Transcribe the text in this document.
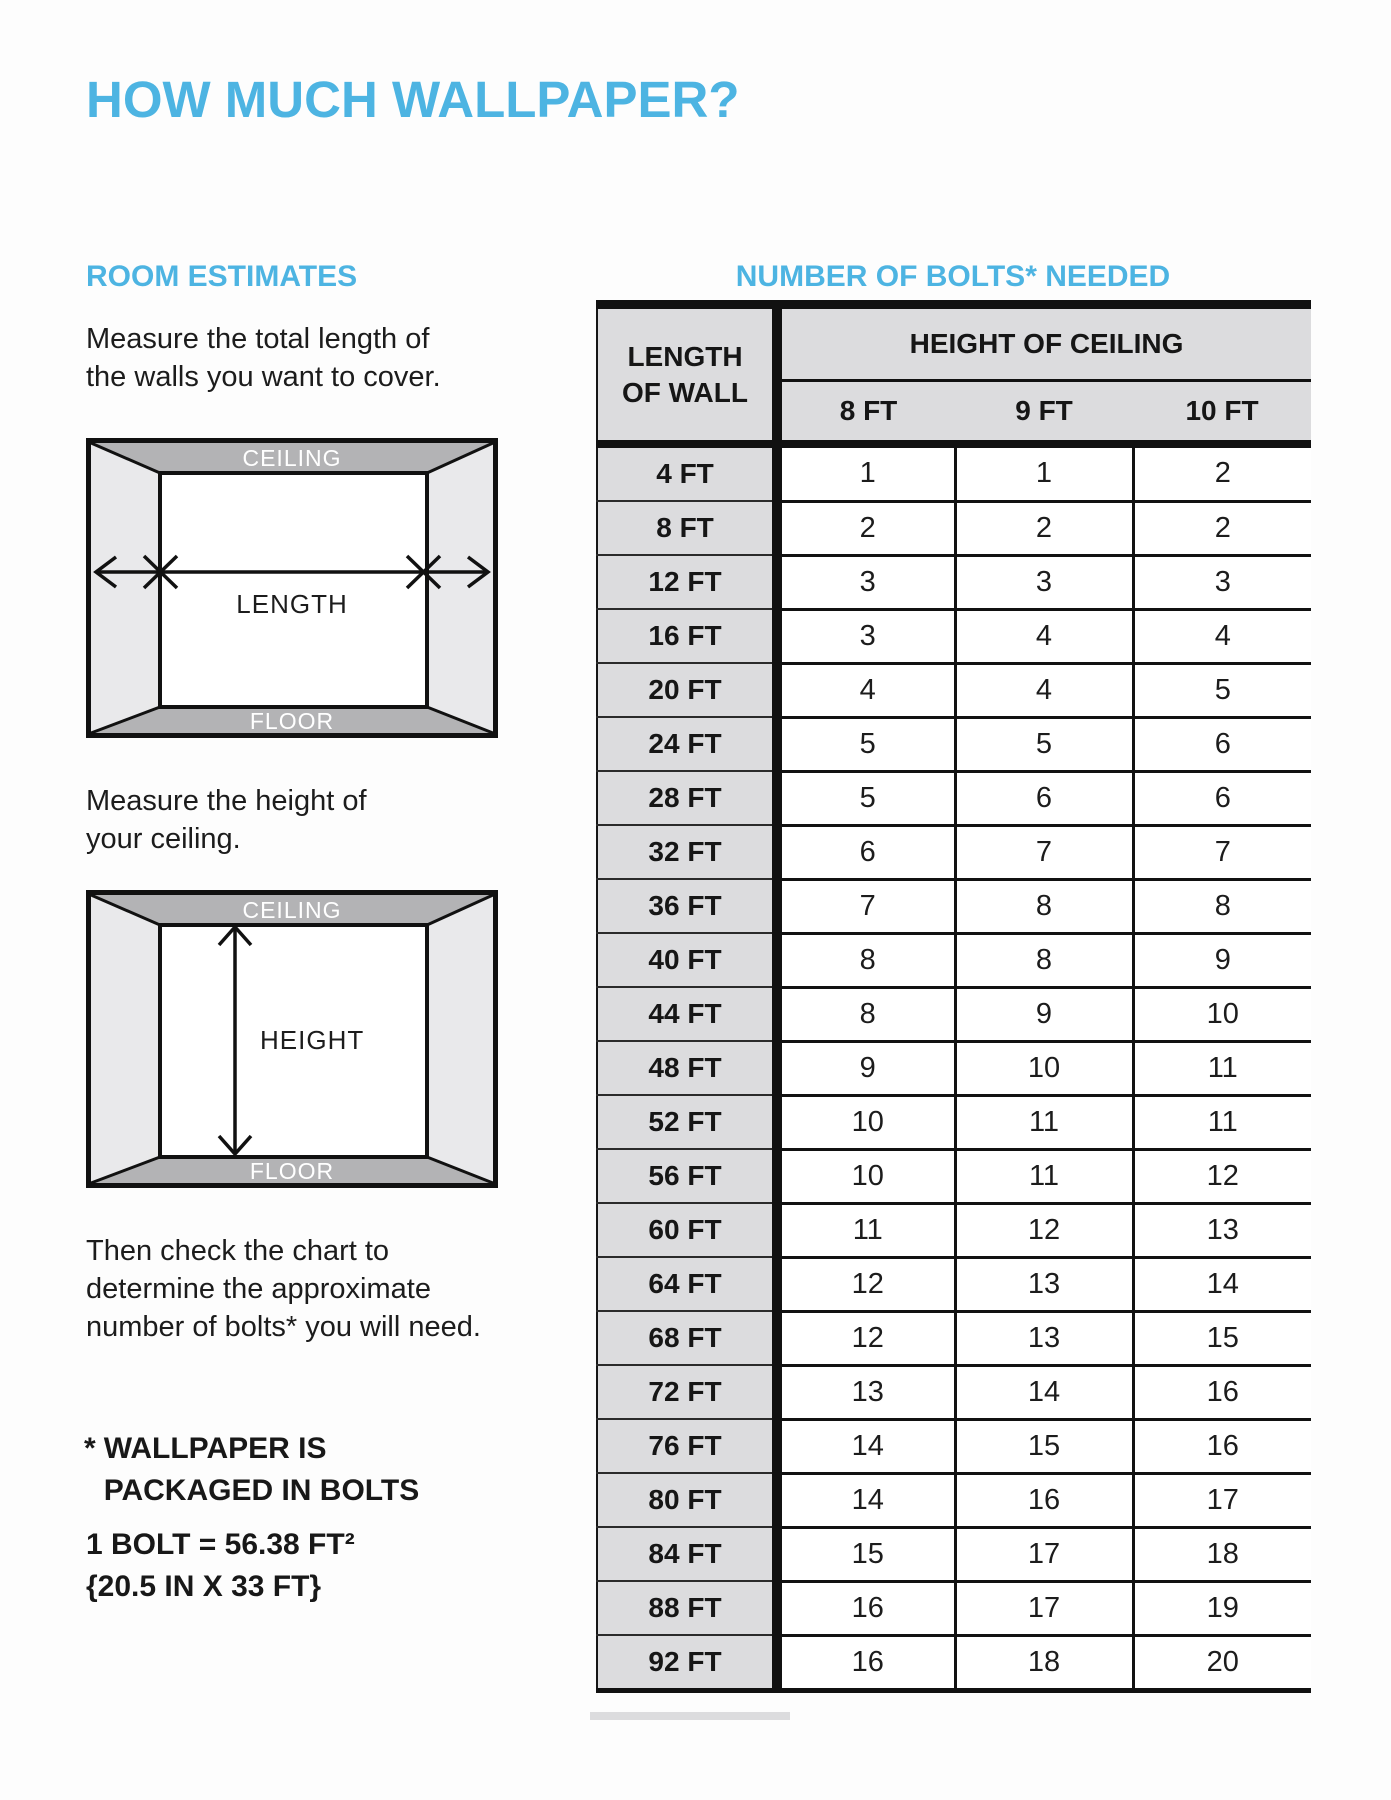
HOW MUCH WALLPAPER?
ROOM ESTIMATES	NUMBER OF BOLTS* NEEDED
Measure the total length of
the walls you want to cover.
CEILING
FLOOR
LENGTH
Measure the height of
your ceiling.
CEILING
FLOOR
HEIGHT
Then check the chart to
determine the approximate
number of bolts* you will need.
* WALLPAPER IS
PACKAGED IN BOLTS
1 BOLT = 56.38 FT²
{20.5 IN X 33 FT}
LENGTH
OF WALL	HEIGHT OF CEILING		
	8 FT	9 FT	10 FT
4 FT	1	1	2
8 FT	2	2	2
12 FT	3	3	3
16 FT	3	4	4
20 FT	4	4	5
24 FT	5	5	6
28 FT	5	6	6
32 FT	6	7	7
36 FT	7	8	8
40 FT	8	8	9
44 FT	8	9	10
48 FT	9	10	11
52 FT	10	11	11
56 FT	10	11	12
60 FT	11	12	13
64 FT	12	13	14
68 FT	12	13	15
72 FT	13	14	16
76 FT	14	15	16
80 FT	14	16	17
84 FT	15	17	18
88 FT	16	17	19
92 FT	16	18	20
